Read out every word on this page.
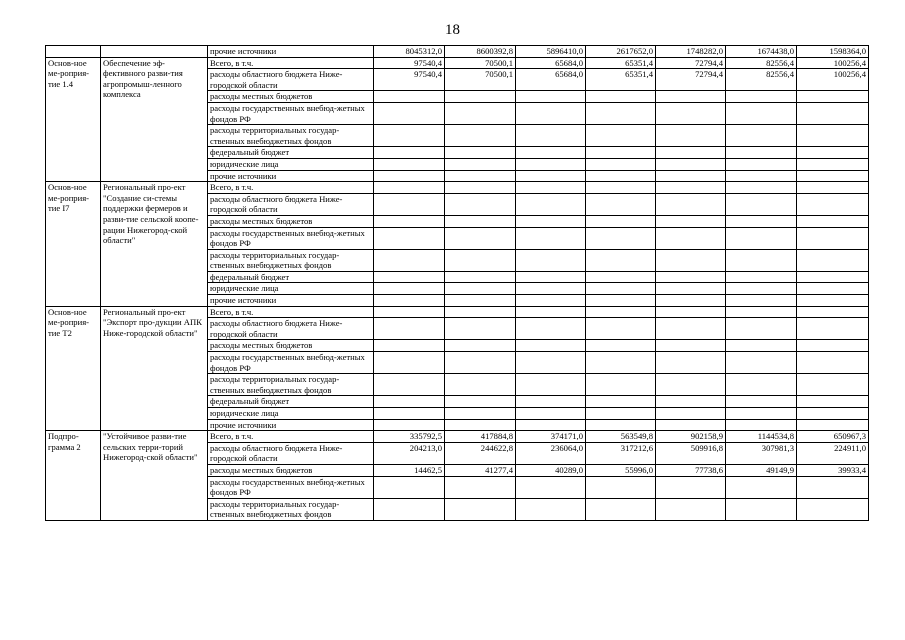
18
		прочие источники	8045312,0	8600392,8	5896410,0	2617652,0	1748282,0	1674438,0	1598364,0
Основ-ное ме-роприя-тие 1.4	Обеспечение эф-фективного разви-тия агропромыш-ленного комплекса	Всего, в т.ч.	97540,4	70500,1	65684,0	65351,4	72794,4	82556,4	100256,4
		расходы областного бюджета Ниже-городской области	97540,4	70500,1	65684,0	65351,4	72794,4	82556,4	100256,4
		расходы местных бюджетов							
		расходы государственных внебюд-жетных фондов РФ							
		расходы территориальных государ-ственных внебюджетных фондов							
		федеральный бюджет							
		юридические лица							
		прочие источники							
Основ-ное ме-роприя-тие I7	Региональный про-ект "Создание си-стемы поддержки фермеров и разви-тие сельской коопе-рации Нижегород-ской области"	Всего, в т.ч.							
		расходы областного бюджета Ниже-городской области							
		расходы местных бюджетов							
		расходы государственных внебюд-жетных фондов РФ							
		расходы территориальных государ-ственных внебюджетных фондов							
		федеральный бюджет							
		юридические лица							
		прочие источники							
Основ-ное ме-роприя-тие T2	Региональный про-ект "Экспорт про-дукции АПК Ниже-городской области"	Всего, в т.ч.							
		расходы областного бюджета Ниже-городской области							
		расходы местных бюджетов							
		расходы государственных внебюд-жетных фондов РФ							
		расходы территориальных государ-ственных внебюджетных фондов							
		федеральный бюджет							
		юридические лица							
		прочие источники							
Подпро-грамма 2	"Устойчивое разви-тие сельских терри-торий Нижегород-ской области"	Всего, в т.ч.	335792,5	417884,8	374171,0	563549,8	902158,9	1144534,8	650967,3
		расходы областного бюджета Ниже-городской области	204213,0	244622,8	236064,0	317212,6	509916,8	307981,3	224911,0
		расходы местных бюджетов	14462,5	41277,4	40289,0	55996,0	77738,6	49149,9	39933,4
		расходы государственных внебюд-жетных фондов РФ							
		расходы территориальных государ-ственных внебюджетных фондов							
